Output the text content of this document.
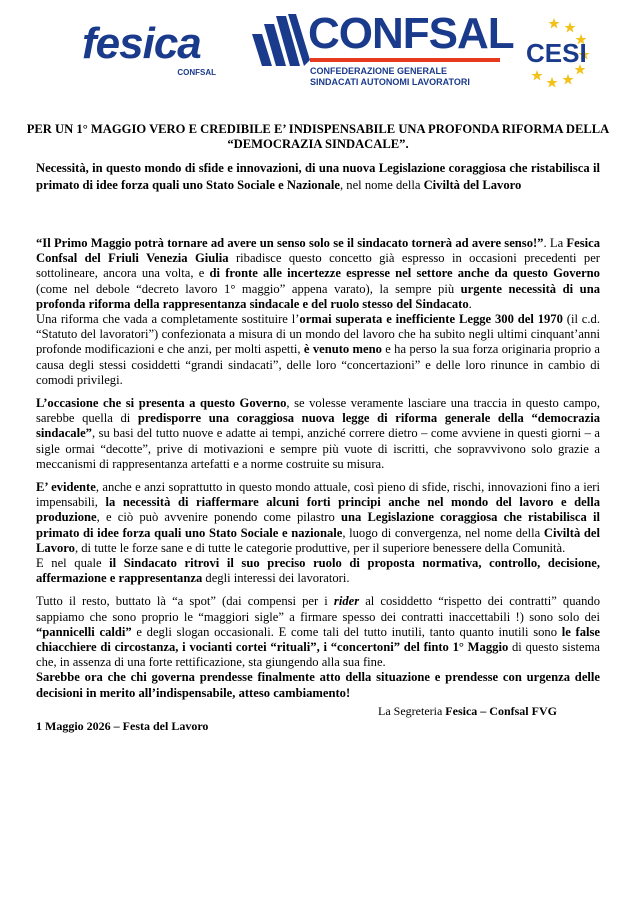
fesica
CONFSAL
CONFSAL
CONFEDERAZIONE GENERALE
SINDACATI AUTONOMI LAVORATORI
CESI
PER UN 1° MAGGIO VERO E CREDIBILE E’ INDISPENSABILE UNA PROFONDA RIFORMA DELLA
“DEMOCRAZIA SINDACALE”.
Necessità, in questo mondo di sfide e innovazioni, di una nuova Legislazione coraggiosa che ristabilisca il primato di idee forza quali uno Stato Sociale e Nazionale, nel nome della Civiltà del Lavoro

“Il Primo Maggio potrà tornare ad avere un senso solo se il sindacato tornerà ad avere senso!”. La Fesica Confsal del Friuli Venezia Giulia ribadisce questo concetto già espresso in occasioni precedenti per sottolineare, ancora una volta, e di fronte alle incertezze espresse nel settore anche da questo Governo (come nel debole “decreto lavoro 1° maggio” appena varato), la sempre più urgente necessità di una profonda riforma della rappresentanza sindacale e del ruolo stesso del Sindacato.

Una riforma che vada a completamente sostituire l’ormai superata e inefficiente Legge 300 del 1970 (il c.d. “Statuto del lavoratori”) confezionata a misura di un mondo del lavoro che ha subito negli ultimi cinquant’anni profonde modificazioni e che anzi, per molti aspetti, è venuto meno e ha perso la sua forza originaria proprio a causa degli stessi cosiddetti “grandi sindacati”, delle loro “concertazioni” e delle loro rinunce in cambio di comodi privilegi.

L’occasione che si presenta a questo Governo, se volesse veramente lasciare una traccia in questo campo, sarebbe quella di predisporre una coraggiosa nuova legge di riforma generale della “democrazia sindacale”, su basi del tutto nuove e adatte ai tempi, anziché correre dietro – come avviene in questi giorni – a sigle ormai “decotte”, prive di motivazioni e sempre più vuote di iscritti, che sopravvivono solo grazie a meccanismi di rappresentanza artefatti e a norme costruite su misura.

E’ evidente, anche e anzi soprattutto in questo mondo attuale, così pieno di sfide, rischi, innovazioni fino a ieri impensabili, la necessità di riaffermare alcuni forti principi anche nel mondo del lavoro e della produzione, e ciò può avvenire ponendo come pilastro una Legislazione coraggiosa che ristabilisca il primato di idee forza quali uno Stato Sociale e nazionale, luogo di convergenza, nel nome della Civiltà del Lavoro, di tutte le forze sane e di tutte le categorie produttive, per il superiore benessere della Comunità.

E nel quale il Sindacato ritrovi il suo preciso ruolo di proposta normativa, controllo, decisione, affermazione e rappresentanza degli interessi dei lavoratori.

Tutto il resto, buttato là “a spot” (dai compensi per i rider al cosiddetto “rispetto dei contratti” quando sappiamo che sono proprio le “maggiori sigle” a firmare spesso dei contratti inaccettabili !) sono solo dei “pannicelli caldi” e degli slogan occasionali. E come tali del tutto inutili, tanto quanto inutili sono le false chiacchiere di circostanza, i vocianti cortei “rituali”, i “concertoni” del finto 1° Maggio di questo sistema che, in assenza di una forte rettificazione, sta giungendo alla sua fine.

Sarebbe ora che chi governa prendesse finalmente atto della situazione e prendesse con urgenza delle decisioni in merito all’indispensabile, atteso cambiamento!

La Segreteria Fesica – Confsal FVG
1 Maggio 2026 – Festa del Lavoro
